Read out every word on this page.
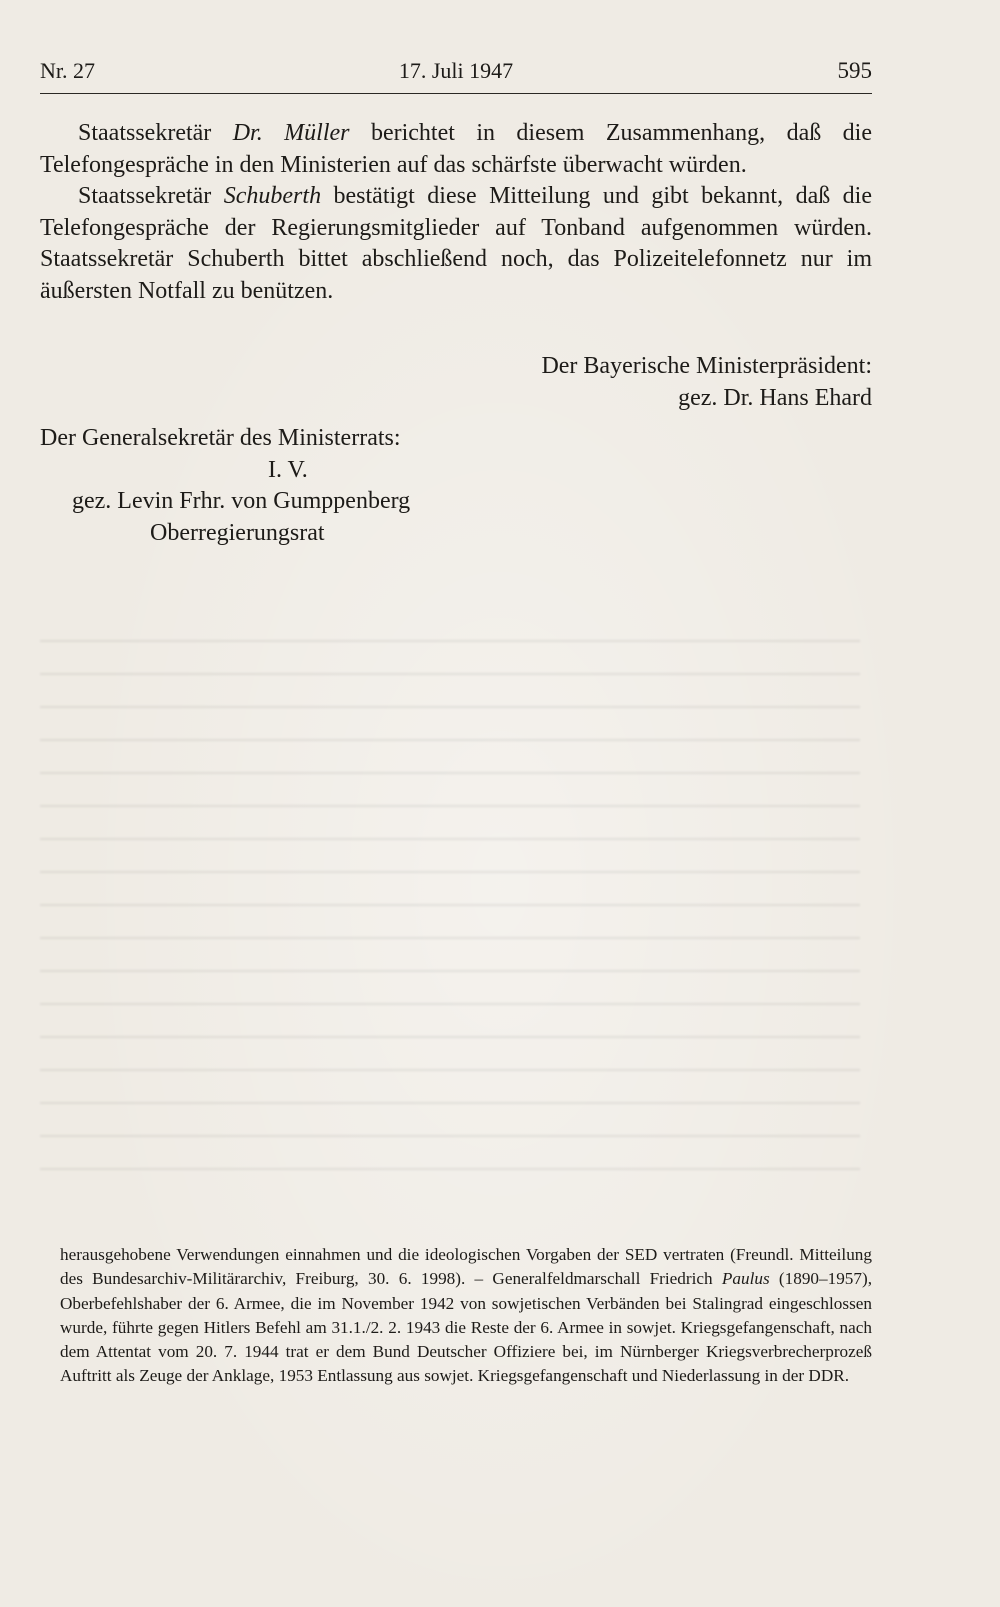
17. Juli 1947
Nr. 27	595

Staatssekretär Dr. Müller berichtet in diesem Zusammenhang, daß die Telefongespräche in den Ministerien auf das schärfste überwacht würden.

Staatssekretär Schuberth bestätigt diese Mitteilung und gibt bekannt, daß die Telefongespräche der Regierungsmitglieder auf Tonband aufgenommen würden. Staatssekretär Schuberth bittet abschließend noch, das Polizeitelefonnetz nur im äußersten Notfall zu benützen.

Der Bayerische Ministerpräsident:
gez. Dr. Hans Ehard
Der Generalsekretär des Ministerrats:
I. V.
gez. Levin Frhr. von Gumppenberg
Oberregierungsrat
herausgehobene Verwendungen einnahmen und die ideologischen Vorgaben der SED vertraten (Freundl. Mitteilung des Bundesarchiv-Militärarchiv, Freiburg, 30. 6. 1998). – Generalfeldmarschall Friedrich Paulus (1890–1957), Oberbefehlshaber der 6. Armee, die im November 1942 von sowjetischen Verbänden bei Stalingrad eingeschlossen wurde, führte gegen Hitlers Befehl am 31.1./2. 2. 1943 die Reste der 6. Armee in sowjet. Kriegsgefangenschaft, nach dem Attentat vom 20. 7. 1944 trat er dem Bund Deutscher Offiziere bei, im Nürnberger Kriegsverbrecherprozeß Auftritt als Zeuge der Anklage, 1953 Entlassung aus sowjet. Kriegsgefangenschaft und Niederlassung in der DDR.
